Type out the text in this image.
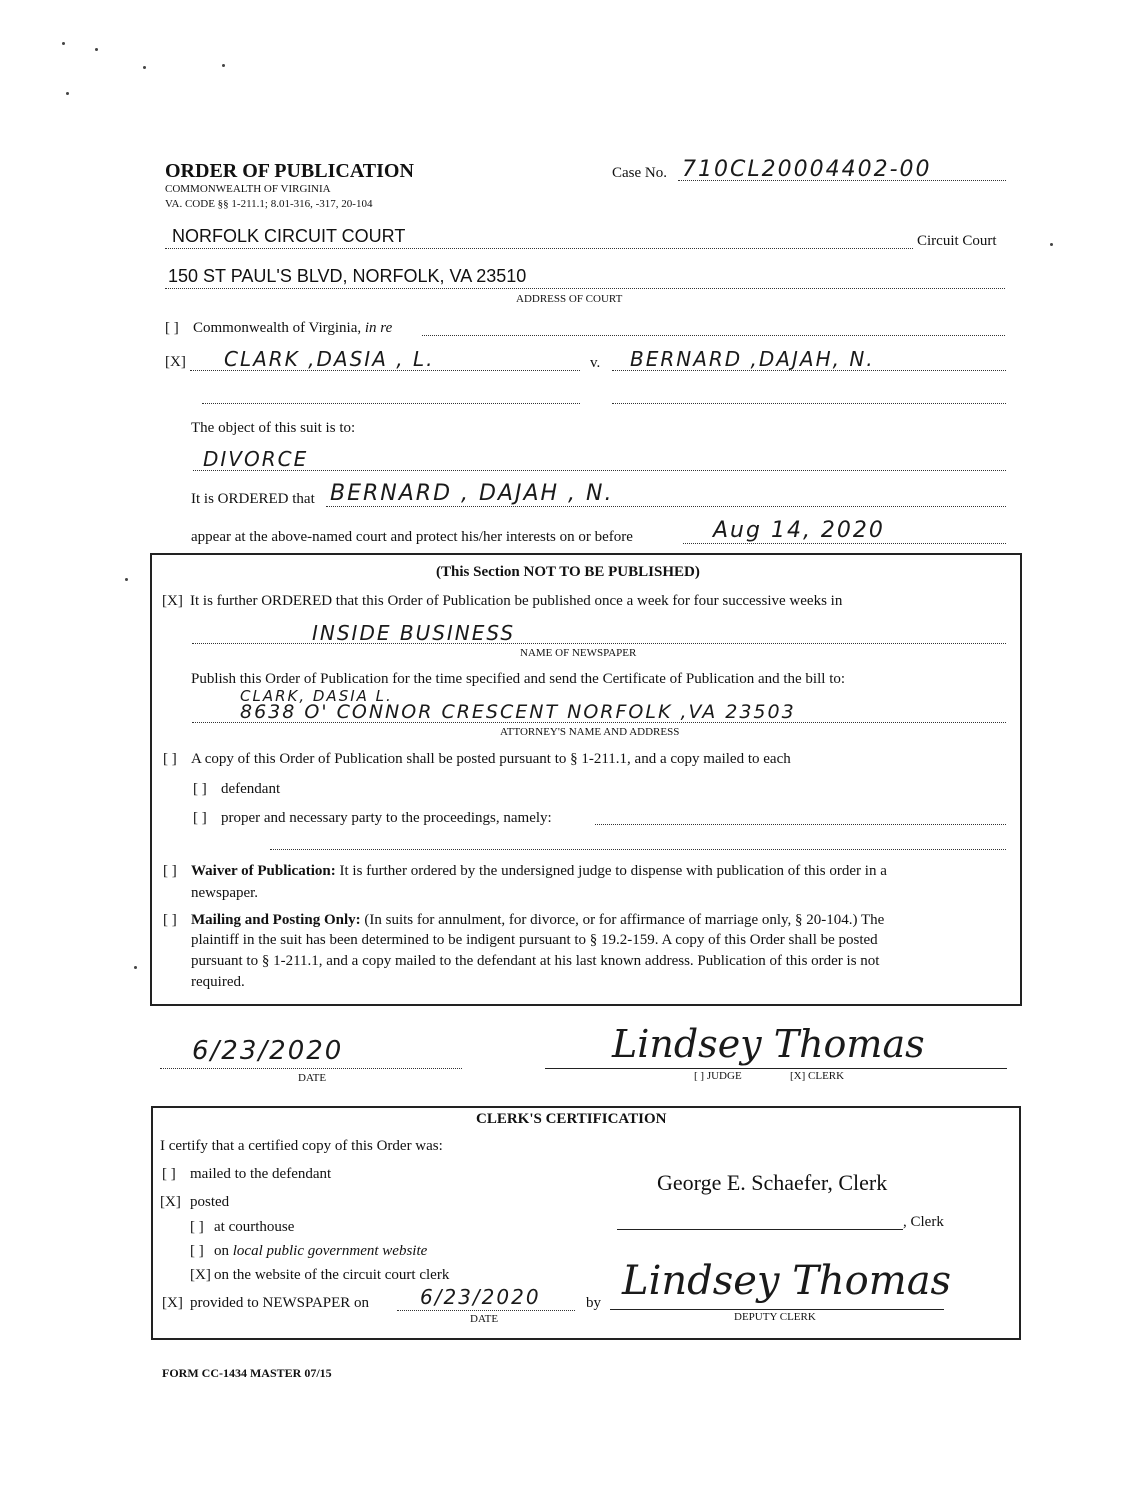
ORDER OF PUBLICATION
COMMONWEALTH OF VIRGINIA
VA. CODE §§ 1-211.1; 8.01-316, -317, 20-104
Case No. 710CL20004402-00
NORFOLK CIRCUIT COURT	Circuit Court
150 ST PAUL'S BLVD, NORFOLK, VA 23510
ADDRESS OF COURT
[ ] Commonwealth of Virginia, in re
[X] CLARK ,DASIA , L.	v. BERNARD ,DAJAH, N.
The object of this suit is to:
DIVORCE
It is ORDERED that BERNARD , DAJAH , N.
appear at the above-named court and protect his/her interests on or before	Aug 14, 2020
(This Section NOT TO BE PUBLISHED)
[X] It is further ORDERED that this Order of Publication be published once a week for four successive weeks in
INSIDE BUSINESS
NAME OF NEWSPAPER
Publish this Order of Publication for the time specified and send the Certificate of Publication and the bill to:
CLARK, DASIA L.
8638 O' CONNOR CRESCENT NORFOLK ,VA 23503
ATTORNEY'S NAME AND ADDRESS
[ ] A copy of this Order of Publication shall be posted pursuant to § 1-211.1, and a copy mailed to each
[ ] defendant
[ ] proper and necessary party to the proceedings, namely:
[ ] Waiver of Publication: It is further ordered by the undersigned judge to dispense with publication of this order in a
newspaper.
[ ] Mailing and Posting Only: (In suits for annulment, for divorce, or for affirmance of marriage only, § 20-104.) The
plaintiff in the suit has been determined to be indigent pursuant to § 19.2-159. A copy of this Order shall be posted
pursuant to § 1-211.1, and a copy mailed to the defendant at his last known address. Publication of this order is not
required.
6/23/2020
DATE
Lindsey Thomas
[ ] JUDGE	[X] CLERK
CLERK'S CERTIFICATION
I certify that a certified copy of this Order was:
[ ] mailed to the defendant
[X] posted
[ ] at courthouse
[ ] on local public government website
[X] on the website of the circuit court clerk
[X] provided to NEWSPAPER on	6/23/2020
DATE
by
George E. Schaefer, Clerk
, Clerk
Lindsey Thomas
DEPUTY CLERK
FORM CC-1434 MASTER 07/15
